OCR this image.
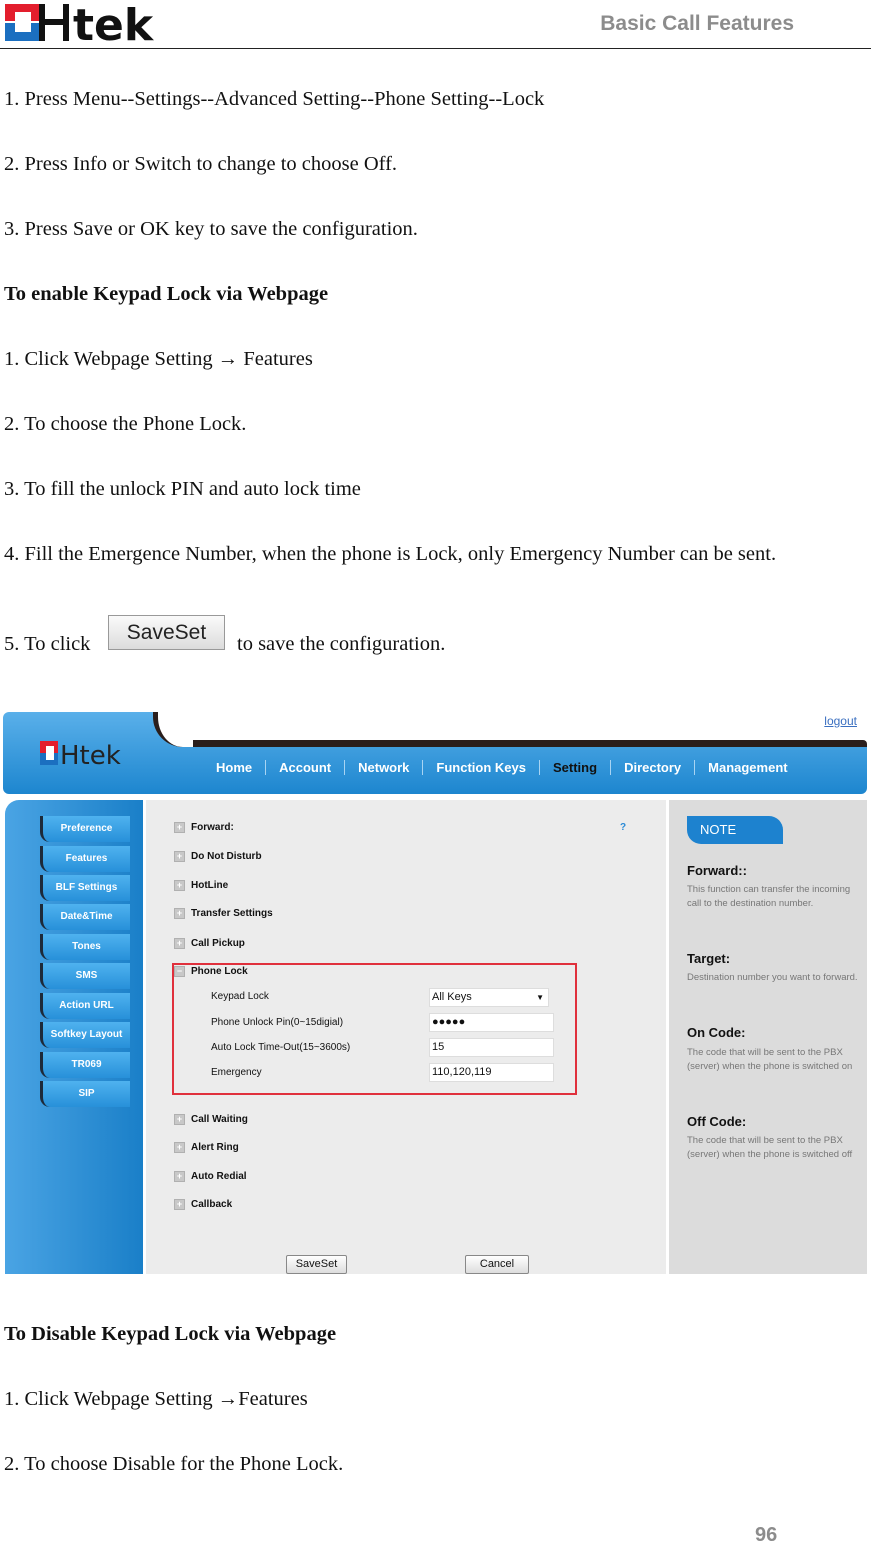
tek	Basic Call Features
1. Press Menu--Settings--Advanced Setting--Phone Setting--Lock
2. Press Info or Switch to change to choose Off.
3. Press Save or OK key to save the configuration.
To enable Keypad Lock via Webpage
1. Click Webpage Setting → Features
2. To choose the Phone Lock.
3. To fill the unlock PIN and auto lock time
4. Fill the Emergence Number, when the phone is Lock, only Emergency Number can be sent.
5. To click	SaveSet	to save the configuration.
Htek
logout
Home	Account	Network	Function Keys	Setting	Directory	Management
Preference
Features
BLF Settings
Date&Time
Tones
SMS
Action URL
Softkey Layout
TR069
SIP
+ Forward:	?
+ Do Not Disturb
+ HotLine
+ Transfer Settings
+ Call Pickup
− Phone Lock
Keypad Lock	All Keys	▼
Phone Unlock Pin(0~15digial)	●●●●●
Auto Lock Time-Out(15~3600s)	15
Emergency	110,120,119
+ Call Waiting
+ Alert Ring
+ Auto Redial
+ Callback
SaveSet	Cancel
NOTE
Forward::
This function can transfer the incoming call to the destination number.
Target:
Destination number you want to forward.
On Code:
The code that will be sent to the PBX (server) when the phone is switched on
Off Code:
The code that will be sent to the PBX (server) when the phone is switched off
To Disable Keypad Lock via Webpage
1. Click Webpage Setting →Features
2. To choose Disable for the Phone Lock.
96
